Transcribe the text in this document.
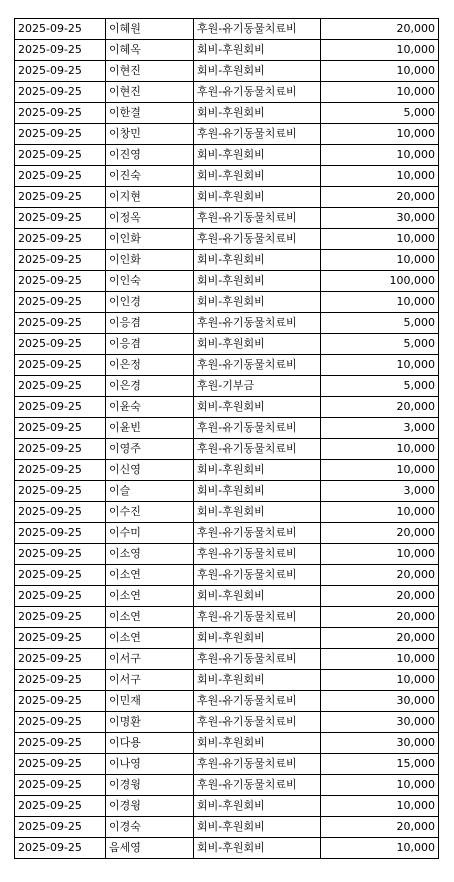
2025-09-25	이혜원	후원-유기동물치료비	20,000
2025-09-25	이혜옥	회비-후원회비	10,000
2025-09-25	이현진	회비-후원회비	10,000
2025-09-25	이현진	후원-유기동물치료비	10,000
2025-09-25	이한결	회비-후원회비	5,000
2025-09-25	이창민	후원-유기동물치료비	10,000
2025-09-25	이진영	회비-후원회비	10,000
2025-09-25	이진숙	회비-후원회비	10,000
2025-09-25	이지현	회비-후원회비	20,000
2025-09-25	이정옥	후원-유기동물치료비	30,000
2025-09-25	이인화	후원-유기동물치료비	10,000
2025-09-25	이인화	회비-후원회비	10,000
2025-09-25	이인숙	회비-후원회비	100,000
2025-09-25	이인경	회비-후원회비	10,000
2025-09-25	이응겸	후원-유기동물치료비	5,000
2025-09-25	이응겸	회비-후원회비	5,000
2025-09-25	이은정	후원-유기동물치료비	10,000
2025-09-25	이은경	후원-기부금	5,000
2025-09-25	이윤숙	회비-후원회비	20,000
2025-09-25	이윤빈	후원-유기동물치료비	3,000
2025-09-25	이영주	후원-유기동물치료비	10,000
2025-09-25	이신영	회비-후원회비	10,000
2025-09-25	이슬	회비-후원회비	3,000
2025-09-25	이수진	회비-후원회비	10,000
2025-09-25	이수미	후원-유기동물치료비	20,000
2025-09-25	이소영	후원-유기동물치료비	10,000
2025-09-25	이소연	후원-유기동물치료비	20,000
2025-09-25	이소연	회비-후원회비	20,000
2025-09-25	이소연	후원-유기동물치료비	20,000
2025-09-25	이소연	회비-후원회비	20,000
2025-09-25	이서구	후원-유기동물치료비	10,000
2025-09-25	이서구	회비-후원회비	10,000
2025-09-25	이민재	후원-유기동물치료비	30,000
2025-09-25	이명환	후원-유기동물치료비	30,000
2025-09-25	이다용	회비-후원회비	30,000
2025-09-25	이나영	후원-유기동물치료비	15,000
2025-09-25	이경윙	후원-유기동물치료비	10,000
2025-09-25	이경윙	회비-후원회비	10,000
2025-09-25	이경숙	회비-후원회비	20,000
2025-09-25	음세영	회비-후원회비	10,000
